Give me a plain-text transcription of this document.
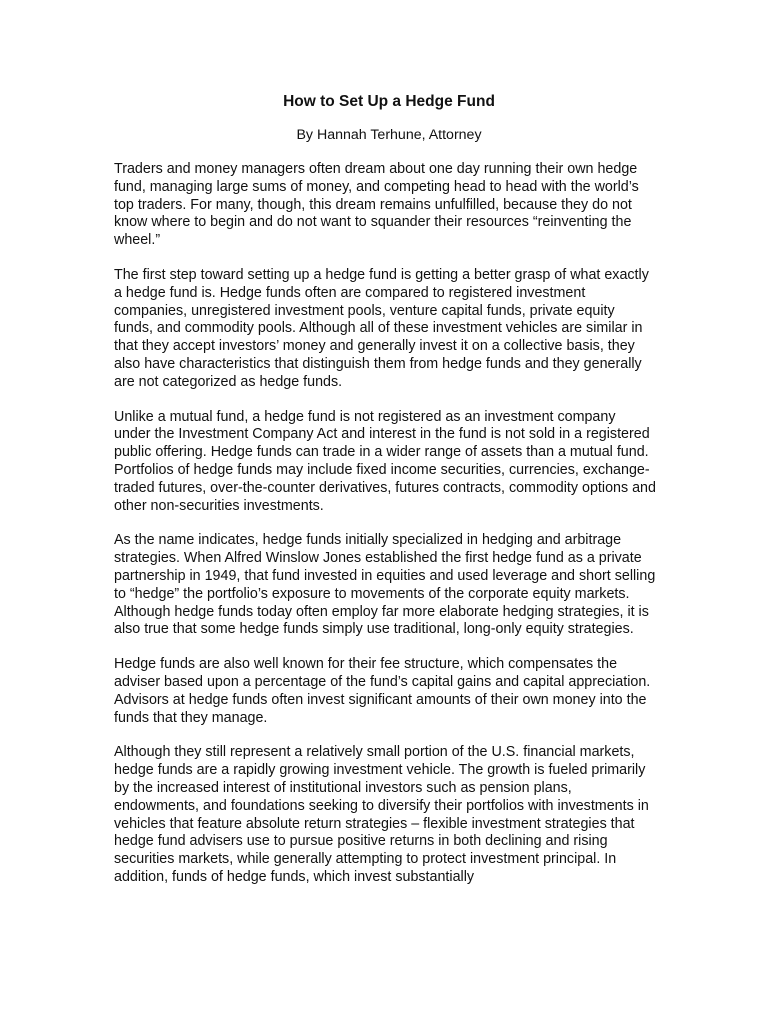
How to Set Up a Hedge Fund

By Hannah Terhune, Attorney

Traders and money managers often dream about one day running their own hedge fund, managing large sums of money, and competing head to head with the world’s top traders. For many, though, this dream remains unfulfilled, because they do not know where to begin and do not want to squander their resources “reinventing the wheel.”

The first step toward setting up a hedge fund is getting a better grasp of what exactly a hedge fund is. Hedge funds often are compared to registered investment companies, unregistered investment pools, venture capital funds, private equity funds, and commodity pools. Although all of these investment vehicles are similar in that they accept investors’ money and generally invest it on a collective basis, they also have characteristics that distinguish them from hedge funds and they generally are not categorized as hedge funds.

Unlike a mutual fund, a hedge fund is not registered as an investment company under the Investment Company Act and interest in the fund is not sold in a registered public offering. Hedge funds can trade in a wider range of assets than a mutual fund. Portfolios of hedge funds may include fixed income securities, currencies, exchange-traded futures, over-the-counter derivatives, futures contracts, commodity options and other non-securities investments.

As the name indicates, hedge funds initially specialized in hedging and arbitrage strategies. When Alfred Winslow Jones established the first hedge fund as a private partnership in 1949, that fund invested in equities and used leverage and short selling to “hedge” the portfolio’s exposure to movements of the corporate equity markets. Although hedge funds today often employ far more elaborate hedging strategies, it is also true that some hedge funds simply use traditional, long-only equity strategies.

Hedge funds are also well known for their fee structure, which compensates the adviser based upon a percentage of the fund’s capital gains and capital appreciation. Advisors at hedge funds often invest significant amounts of their own money into the funds that they manage.

Although they still represent a relatively small portion of the U.S. financial markets, hedge funds are a rapidly growing investment vehicle. The growth is fueled primarily by the increased interest of institutional investors such as pension plans, endowments, and foundations seeking to diversify their portfolios with investments in vehicles that feature absolute return strategies – flexible investment strategies that hedge fund advisers use to pursue positive returns in both declining and rising securities markets, while generally attempting to protect investment principal. In addition, funds of hedge funds, which invest substantially
